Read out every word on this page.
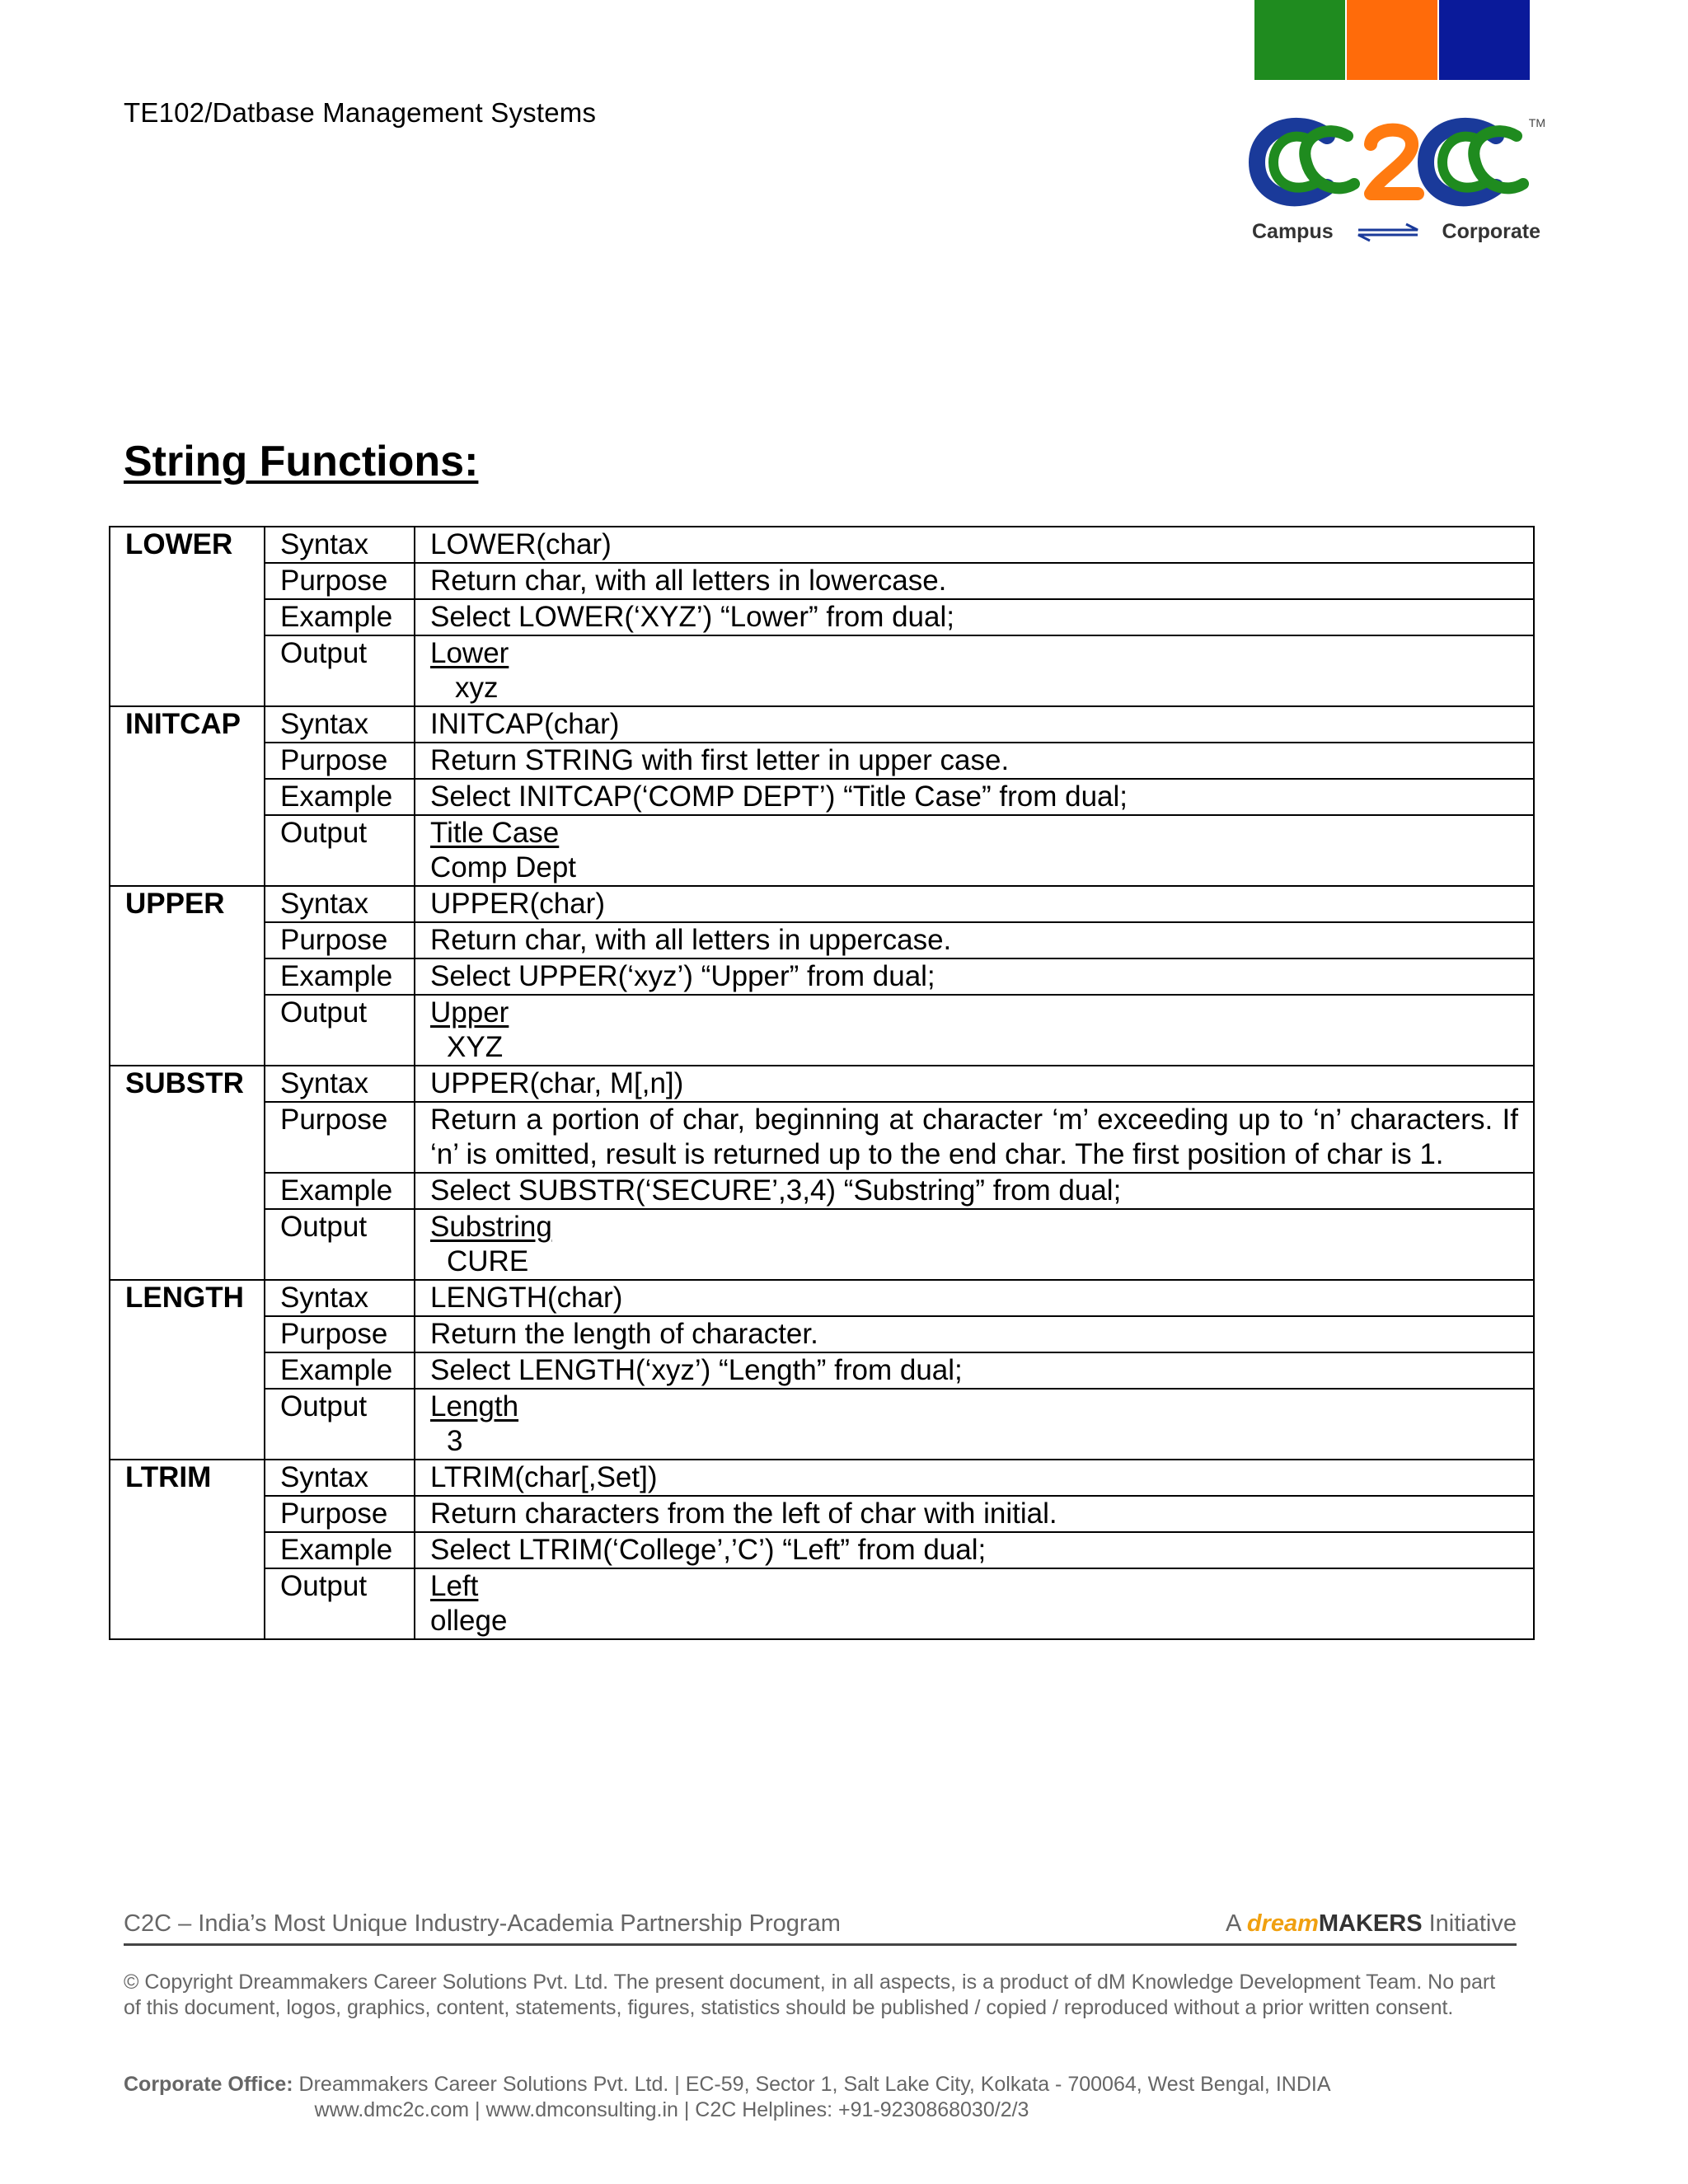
TE102/Datbase Management Systems	TM
Campus	Corporate
String Functions:
LOWER	Syntax	LOWER(char)
	Purpose	Return char, with all letters in lowercase.
	Example	Select LOWER(‘XYZ’) “Lower” from dual;
	Output	Lower
xyz

INITCAP	Syntax	INITCAP(char)
	Purpose	Return STRING with first letter in upper case.
	Example	Select INITCAP(‘COMP DEPT’) “Title Case” from dual;
	Output	Title Case
Comp Dept

UPPER	Syntax	UPPER(char)
	Purpose	Return char, with all letters in uppercase.
	Example	Select UPPER(‘xyz’) “Upper” from dual;
	Output	Upper
XYZ

SUBSTR	Syntax	UPPER(char, M[,n])
	Purpose	Return a portion of char, beginning at character ‘m’ exceeding up to ‘n’ characters. If ‘n’ is omitted, result is returned up to the end char. The first position of char is 1.
	Example	Select SUBSTR(‘SECURE’,3,4) “Substring” from dual;
	Output	Substring
CURE

LENGTH	Syntax	LENGTH(char)
	Purpose	Return the length of character.
	Example	Select LENGTH(‘xyz’) “Length” from dual;
	Output	Length
3

LTRIM	Syntax	LTRIM(char[,Set])
	Purpose	Return characters from the left of char with initial.
	Example	Select LTRIM(‘College’,’C’) “Left” from dual;
	Output	Left
ollege
C2C – India’s Most Unique Industry-Academia Partnership Program	A dreamMAKERS Initiative
© Copyright Dreammakers Career Solutions Pvt. Ltd. The present document, in all aspects, is a product of dM Knowledge Development Team. No part of this document, logos, graphics, content, statements, figures, statistics should be published / copied / reproduced without a prior written consent.
Corporate Office: Dreammakers Career Solutions Pvt. Ltd. | EC-59, Sector 1, Salt Lake City, Kolkata - 700064, West Bengal, INDIA
www.dmc2c.com | www.dmconsulting.in | C2C Helplines: +91-9230868030/2/3
